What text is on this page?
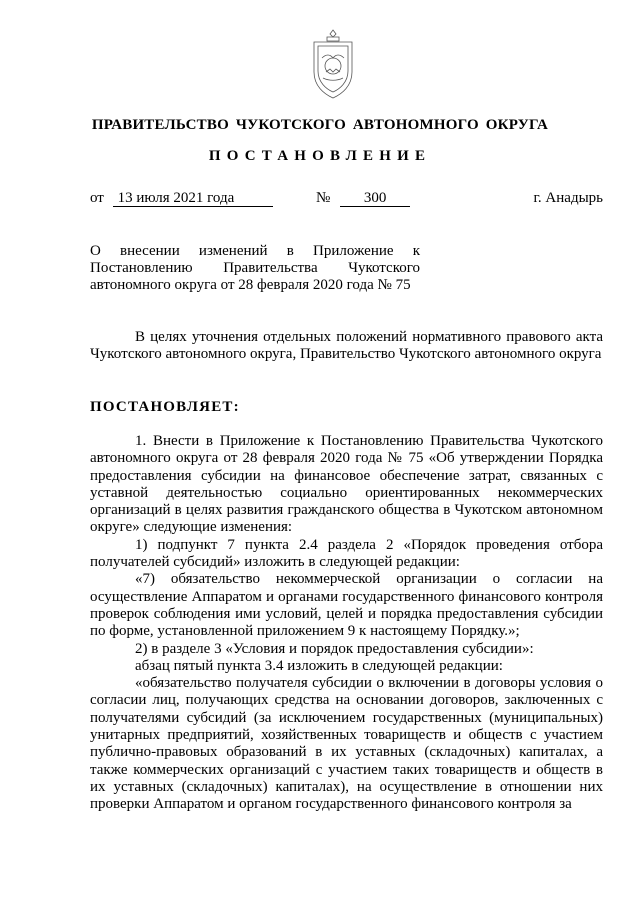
ПРАВИТЕЛЬСТВО ЧУКОТСКОГО АВТОНОМНОГО ОКРУГА
ПОСТАНОВЛЕНИЕ
от 13 июля 2021 года	№ 300	г. Анадырь
О внесении изменений в Приложение к
Постановлению Правительства Чукотского
автономного округа от 28 февраля 2020 года № 75

В целях уточнения отдельных положений нормативного правового акта Чукотского автономного округа, Правительство Чукотского автономного округа

ПОСТАНОВЛЯЕТ:

1. Внести в Приложение к Постановлению Правительства Чукотского автономного округа от 28 февраля 2020 года № 75 «Об утверждении Порядка предоставления субсидии на финансовое обеспечение затрат, связанных с уставной деятельностью социально ориентированных некоммерческих организаций в целях развития гражданского общества в Чукотском автономном округе» следующие изменения:

1) подпункт 7 пункта 2.4 раздела 2 «Порядок проведения отбора получателей субсидий» изложить в следующей редакции:

«7) обязательство некоммерческой организации о согласии на осуществление Аппаратом и органами государственного финансового контроля проверок соблюдения ими условий, целей и порядка предоставления субсидии по форме, установленной приложением 9 к настоящему Порядку.»;

2) в разделе 3 «Условия и порядок предоставления субсидии»:

абзац пятый пункта 3.4 изложить в следующей редакции:

«обязательство получателя субсидии о включении в договоры условия о согласии лиц, получающих средства на основании договоров, заключенных с получателями субсидий (за исключением государственных (муниципальных) унитарных предприятий, хозяйственных товариществ и обществ с участием публично-правовых образований в их уставных (складочных) капиталах, а также коммерческих организаций с участием таких товариществ и обществ в их уставных (складочных) капиталах), на осуществление в отношении них проверки Аппаратом и органом государственного финансового контроля за
